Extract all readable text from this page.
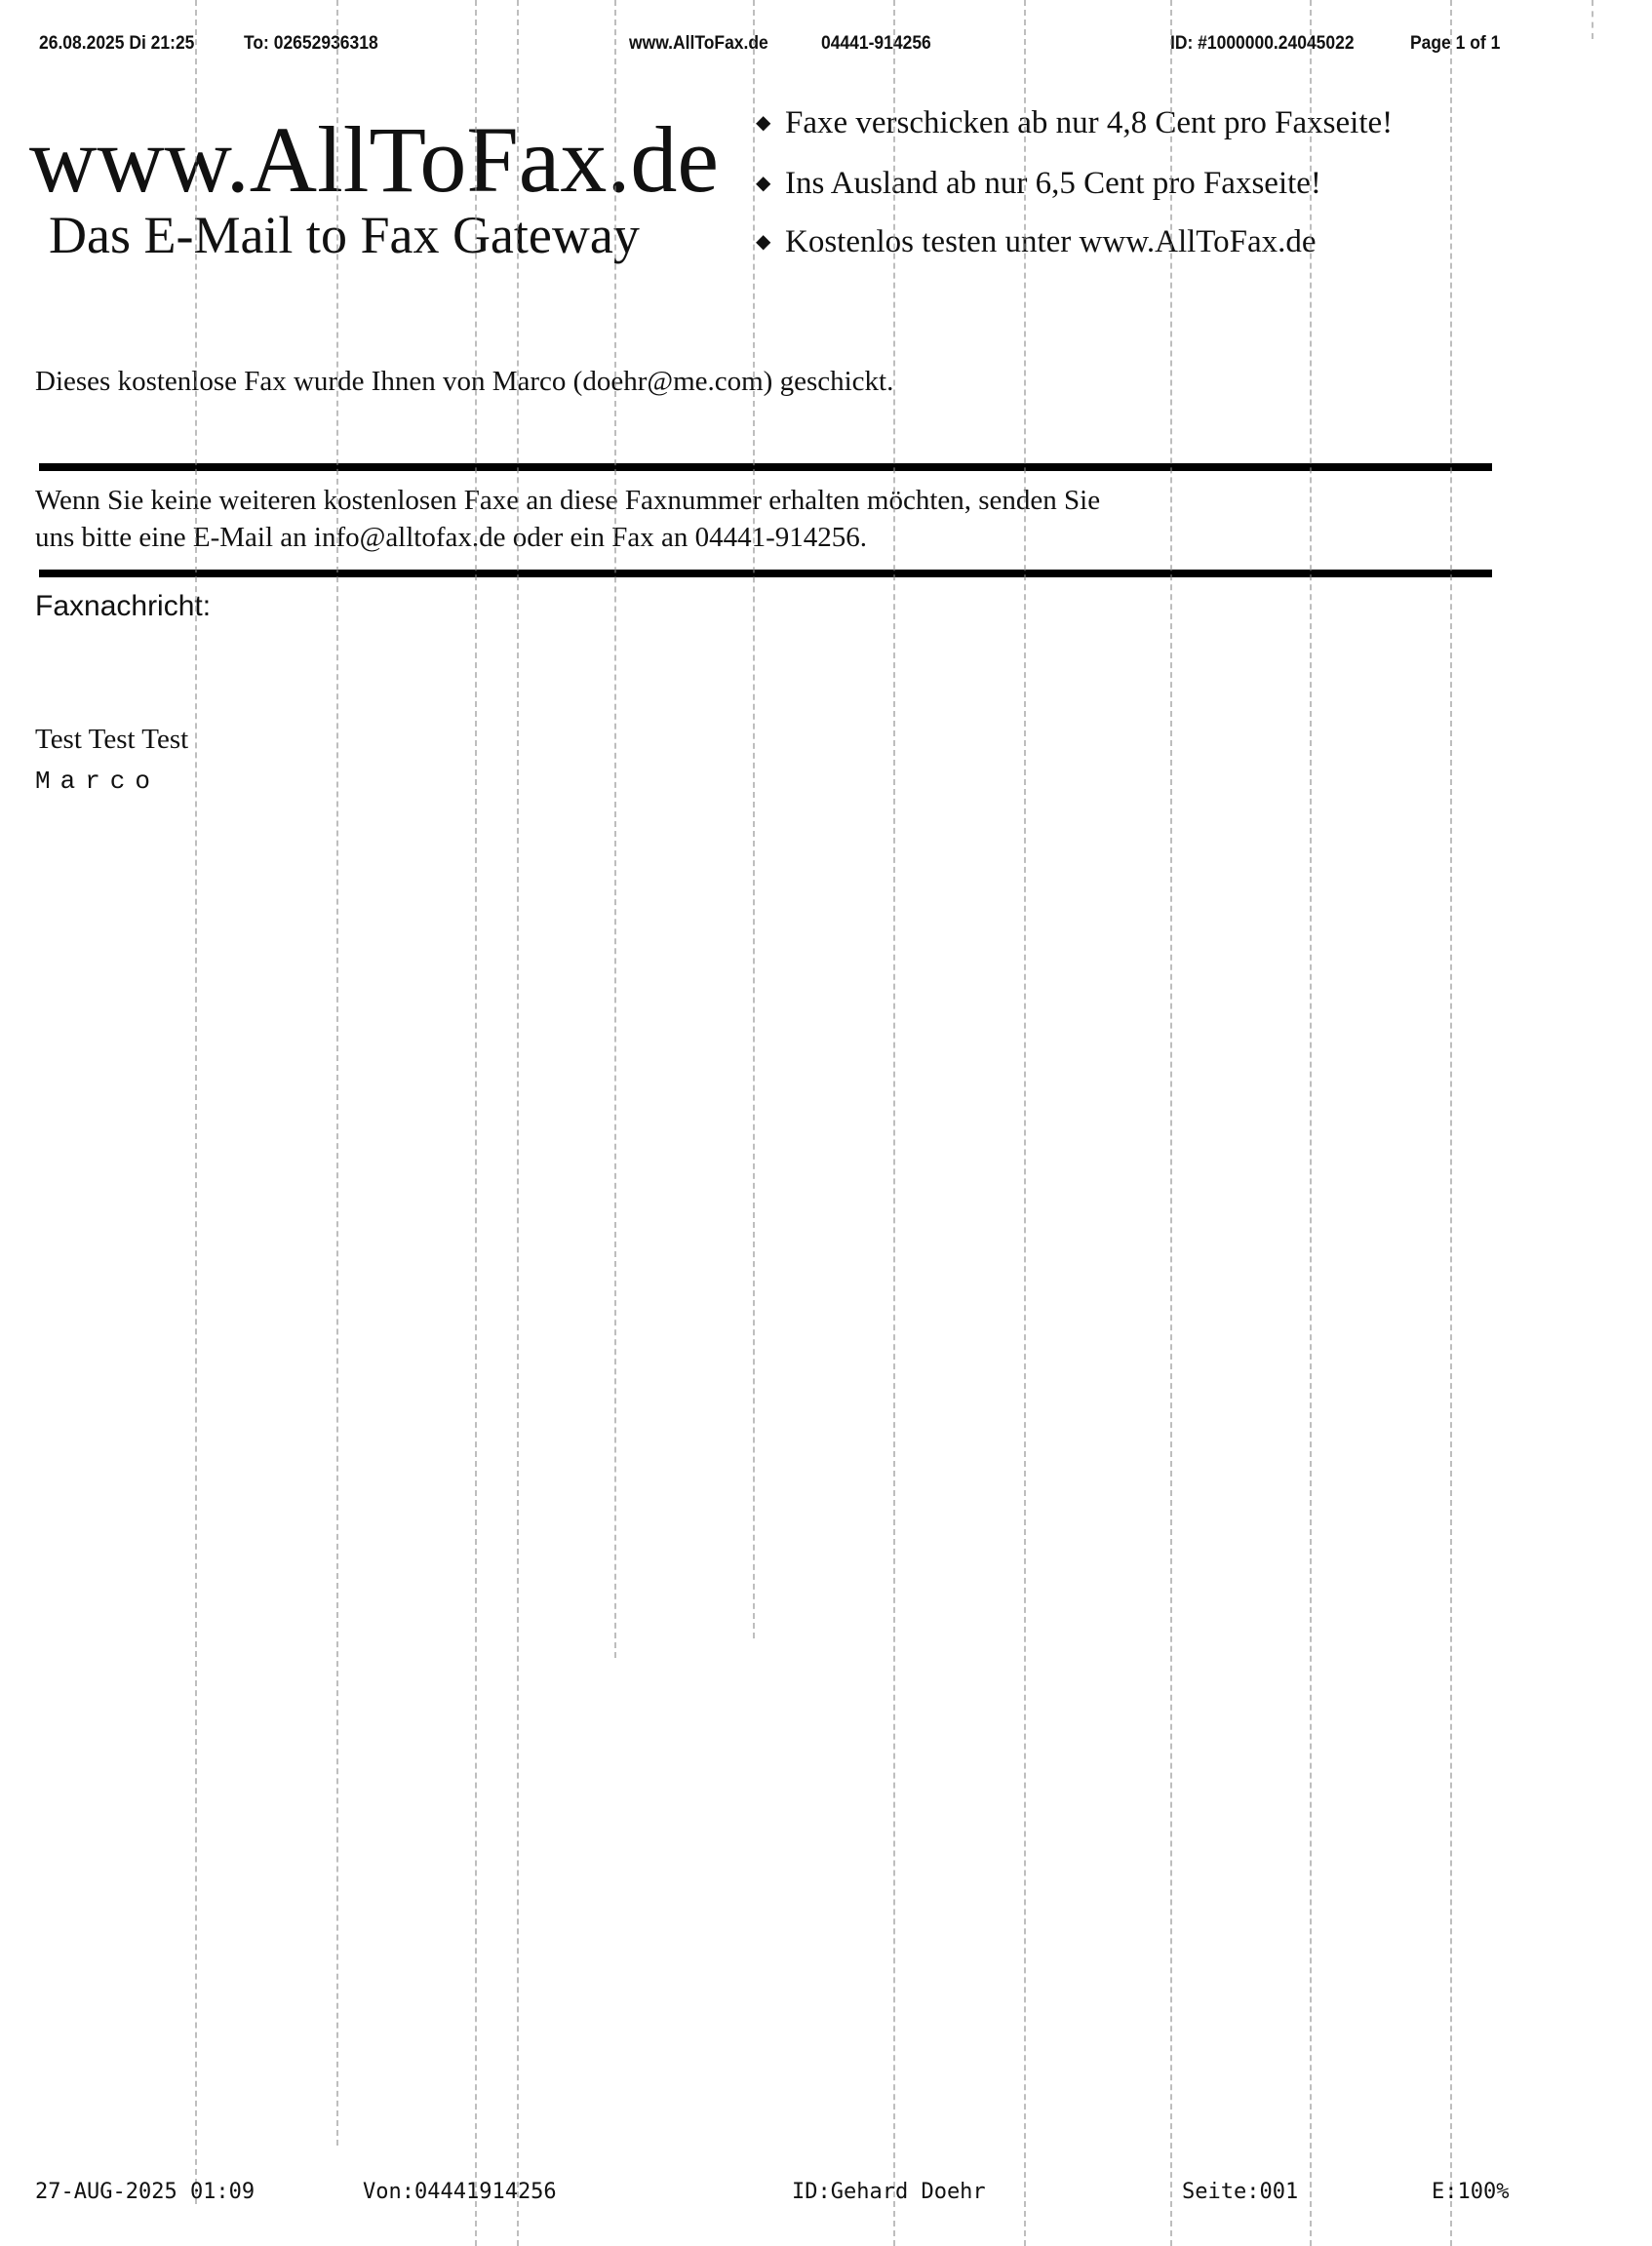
26.08.2025 Di 21:25	To: 02652936318	www.AllToFax.de	04441-914256	ID: #1000000.24045022	Page 1 of 1
www.AllToFax.de
Das E-Mail to Fax Gateway
◆ Faxe verschicken ab nur 4,8 Cent pro Faxseite!
◆ Ins Ausland ab nur 6,5 Cent pro Faxseite!
◆ Kostenlos testen unter www.AllToFax.de
Dieses kostenlose Fax wurde Ihnen von Marco (doehr@me.com) geschickt.
Wenn Sie keine weiteren kostenlosen Faxe an diese Faxnummer erhalten möchten, senden Sie
uns bitte eine E-Mail an info@alltofax.de oder ein Fax an 04441-914256.
Faxnachricht:
Test Test Test
Marco
27-AUG-2025 01:09	Von:04441914256	ID:Gehard Doehr	Seite:001	E:100%
